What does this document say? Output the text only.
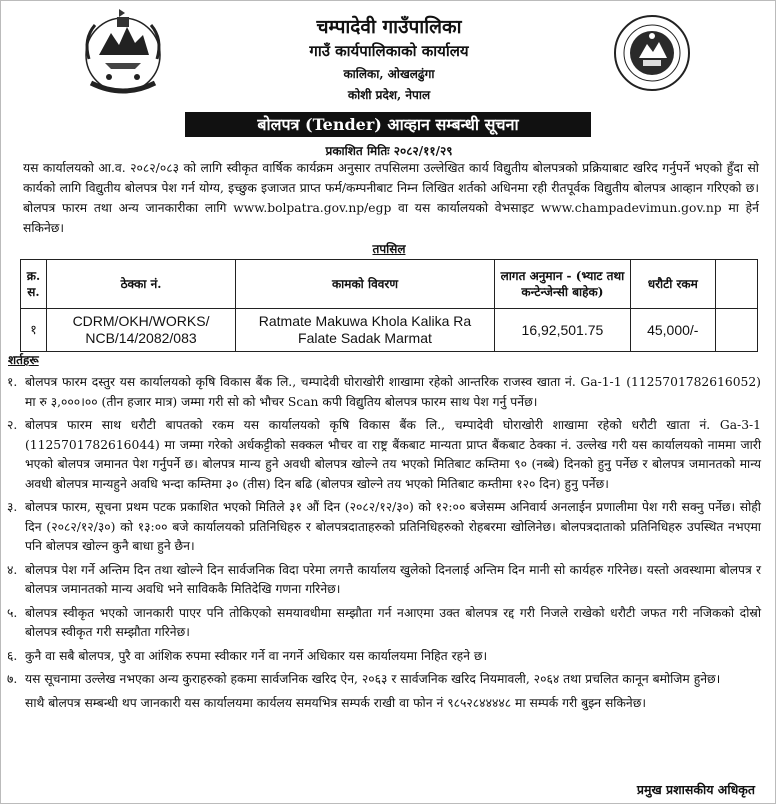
चम्पादेवी गाउँपालिका
गाउँ कार्यपालिकाको कार्यालय
कालिका, ओखलढुंगा
कोशी प्रदेश, नेपाल
बोलपत्र (Tender) आव्हान सम्बन्धी सूचना
प्रकाशित मितिः २०८२/११/२९
यस कार्यालयको आ.व. २०८२/०८३ को लागि स्वीकृत वार्षिक कार्यक्रम अनुसार तपसिलमा उल्लेखित कार्य विद्युतीय बोलपत्रको प्रक्रियाबाट खरिद गर्नुपर्ने भएको हुँदा सो कार्यको लागि विद्युतीय बोलपत्र पेश गर्न योग्य, इच्छुक इजाजत प्राप्त फर्म/कम्पनीबाट निम्न लिखित शर्तको अधिनमा रही रीतपूर्वक विद्युतीय बोलपत्र आव्हान गरिएको छ। बोलपत्र फारम तथा अन्य जानकारीका लागि www.bolpatra.gov.np/egp वा यस कार्यालयको वेभसाइट www.champadevimun.gov.np मा हेर्न सकिनेछ।
तपसिल
क्र. स.	ठेक्का नं.	कामको विवरण	लागत अनुमान - (भ्याट तथा कन्टेन्जेन्सी बाहेक)	धरौटी रकम	
१	CDRM/OKH/WORKS/ NCB/14/2082/083	Ratmate Makuwa Khola Kalika Ra Falate Sadak Marmat	16,92,501.75	45,000/-	
शर्तहरू
१. बोलपत्र फारम दस्तुर यस कार्यालयको कृषि विकास बैंक लि., चम्पादेवी घोराखोरी शाखामा रहेको आन्तरिक राजस्व खाता नं. Ga-1-1 (1125701782616052) मा रु ३,०००।०० (तीन हजार मात्र) जम्मा गरी सो को भौचर Scan कपी विद्युतिय बोलपत्र फारम साथ पेश गर्नु पर्नेछ।
२. बोलपत्र फारम साथ धरौटी बापतको रकम यस कार्यालयको कृषि विकास बैंक लि., चम्पादेवी घोराखोरी शाखामा रहेको धरौटी खाता नं. Ga-3-1 (1125701782616044) मा जम्मा गरेको अर्धकट्टीको सक्कल भौचर वा राष्ट्र बैंकबाट मान्यता प्राप्त बैंकबाट ठेक्का नं. उल्लेख गरी यस कार्यालयको नाममा जारी भएको बोलपत्र जमानत पेश गर्नुपर्ने छ। बोलपत्र मान्य हुने अवधी बोलपत्र खोल्ने तय भएको मितिबाट कम्तिमा ९० (नब्बे) दिनको हुनु पर्नेछ र बोलपत्र जमानतको मान्य अवधी बोलपत्र मान्यहुने अवधि भन्दा कम्तिमा ३० (तीस) दिन बढि (बोलपत्र खोल्ने तय भएको मितिबाट कम्तीमा १२० दिन) हुनु पर्नेछ।
३. बोलपत्र फारम, सूचना प्रथम पटक प्रकाशित भएको मितिले ३१ औं दिन (२०८२/१२/३०) को १२:०० बजेसम्म अनिवार्य अनलाईन प्रणालीमा पेश गरी सक्नु पर्नेछ। सोही दिन (२०८२/१२/३०) को १३:०० बजे कार्यालयको प्रतिनिधिहरु र बोलपत्रदाताहरुको प्रतिनिधिहरुको रोहबरमा खोलिनेछ। बोलपत्रदाताको प्रतिनिधिहरु उपस्थित नभएमा पनि बोलपत्र खोल्न कुनै बाधा हुने छैन।
४. बोलपत्र पेश गर्ने अन्तिम दिन तथा खोल्ने दिन सार्वजनिक विदा परेमा लगत्तै कार्यालय खुलेको दिनलाई अन्तिम दिन मानी सो कार्यहरु गरिनेछ। यस्तो अवस्थामा बोलपत्र र बोलपत्र जमानतको मान्य अवधि भने साविककै मितिदेखि गणना गरिनेछ।
५. बोलपत्र स्वीकृत भएको जानकारी पाएर पनि तोकिएको समयावधीमा सम्झौता गर्न नआएमा उक्त बोलपत्र रद्द गरी निजले राखेको धरौटी जफत गरी नजिकको दोस्रो बोलपत्र स्वीकृत गरी सम्झौता गरिनेछ।
६. कुनै वा सबै बोलपत्र, पुरै वा आंशिक रुपमा स्वीकार गर्ने वा नगर्ने अधिकार यस कार्यालयमा निहित रहने छ।
७. यस सूचनामा उल्लेख नभएका अन्य कुराहरुको हकमा सार्वजनिक खरिद ऐन, २०६३ र सार्वजनिक खरिद नियमावली, २०६४ तथा प्रचलित कानून बमोजिम हुनेछ।
साथै बोलपत्र सम्बन्धी थप जानकारी यस कार्यालयमा कार्यलय समयभित्र सम्पर्क राखी वा फोन नं ९८५२८४४४४८ मा सम्पर्क गरी बुझ्न सकिनेछ।
प्रमुख प्रशासकीय अधिकृत
